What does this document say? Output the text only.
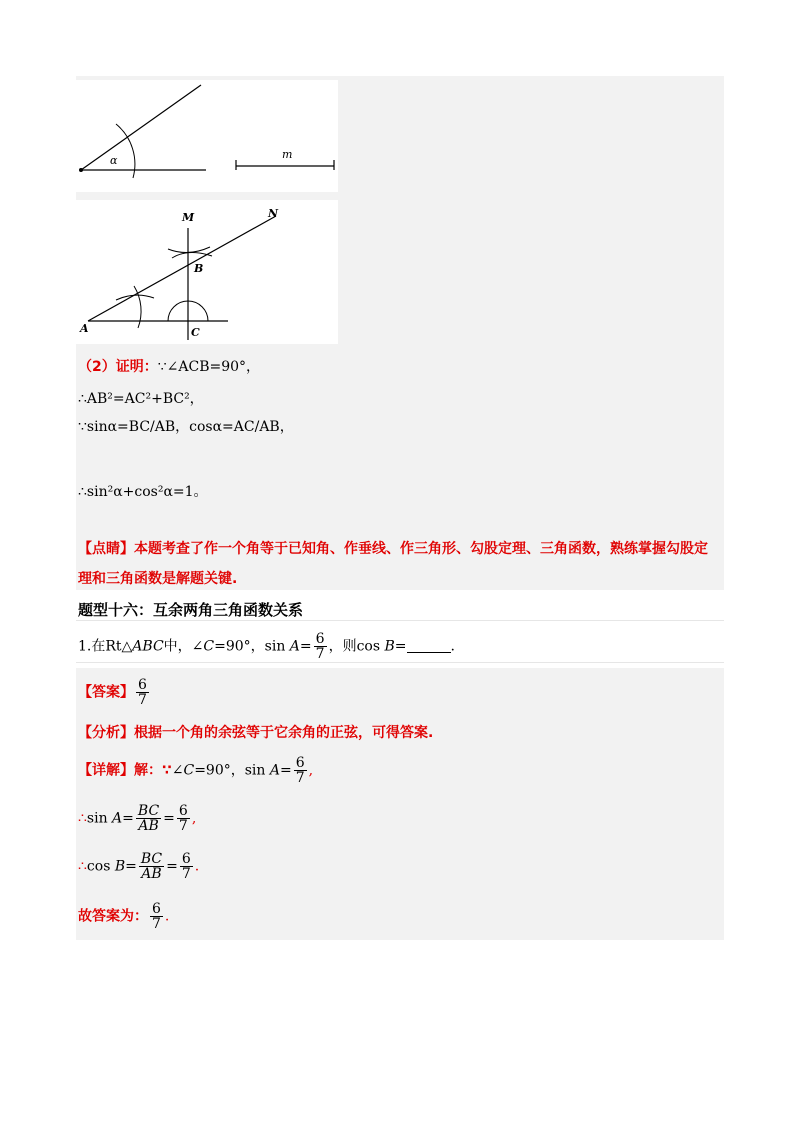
α	m
M	N
B
A	C
（2）证明：∵∠ACB=90°，
∴AB²=AC²+BC²，
∵sinα=BC/AB，cosα=AC/AB，
∴sin²α+cos²α=1。
【点睛】本题考查了作一个角等于已知角、作垂线、作三角形、勾股定理、三角函数，熟练掌握勾股定
理和三角函数是解题关键.
题型十六：互余两角三角函数关系
1.在Rt△ABC中，∠C=90°，$\sin A= \frac{6}{7}$ ，则cos B=	.
【答案】 $\frac{6}{7}$
【分析】根据一个角的余弦等于它余角的正弦，可得答案.
【详解】解：∵∠C=90°，$\sin A= \frac{6}{7}$ ,
∴sin $A= \frac{BC}{AB} = \frac{6}{7}$ ,
∴cos $B= \frac{BC}{AB} = \frac{6}{7}$ .
故答案为： $\frac{6}{7}$ .
